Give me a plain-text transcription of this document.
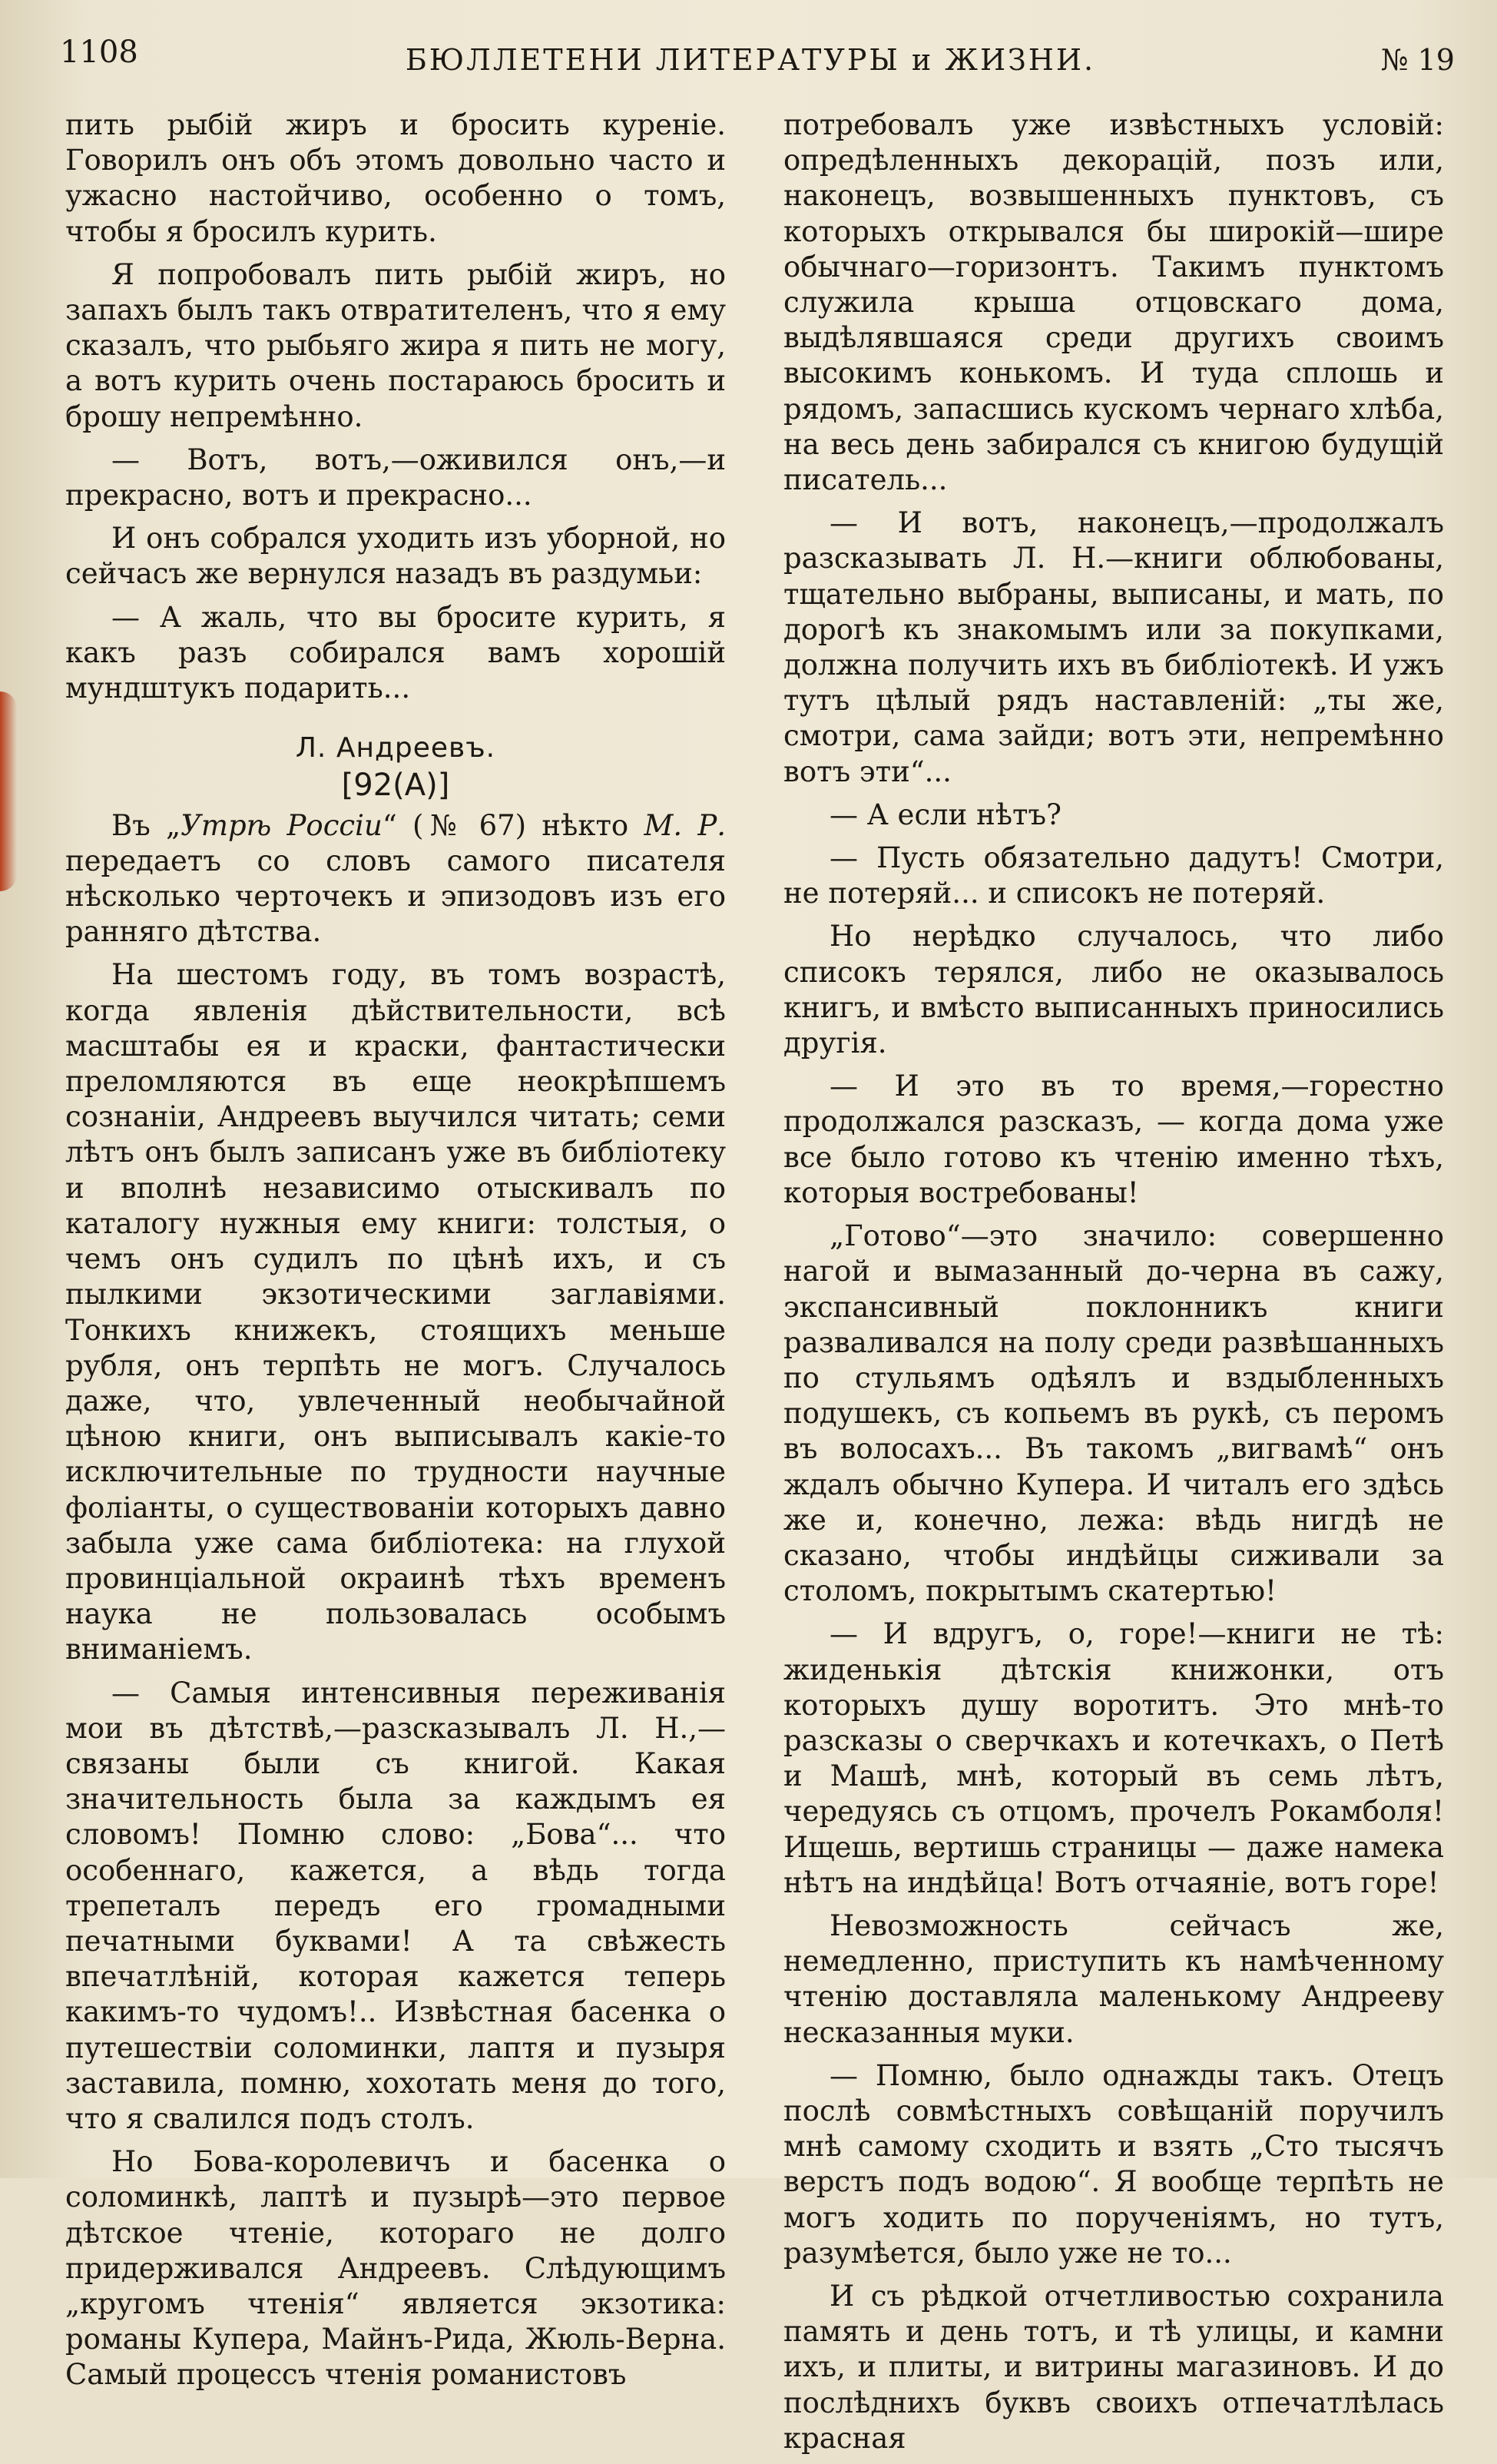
1108	БЮЛЛЕТЕНИ ЛИТЕРАТУРЫ и ЖИЗНИ.	№ 19

пить рыбій жиръ и бросить куреніе. Говорилъ онъ объ этомъ довольно часто и ужасно настойчиво, особенно о томъ, чтобы я бросилъ курить.

Я попробовалъ пить рыбій жиръ, но запахъ былъ такъ отвратителенъ, что я ему сказалъ, что рыбьяго жира я пить не могу, а вотъ курить очень постараюсь бросить и брошу непремѣнно.

— Вотъ, вотъ,—оживился онъ,—и прекрасно, вотъ и прекрасно...

И онъ собрался уходить изъ уборной, но сейчасъ же вернулся назадъ въ раздумьи:

— А жаль, что вы бросите курить, я какъ разъ собирался вамъ хорошій мундштукъ подарить...

Л. Андреевъ.
[92(А)]

Въ „Утрѣ Россіи“ (№ 67) нѣкто М. Р. передаетъ со словъ самого писателя нѣсколько черточекъ и эпизодовъ изъ его ранняго дѣтства.

На шестомъ году, въ томъ возрастѣ, когда явленія дѣйствительности, всѣ масштабы ея и краски, фантастически преломляются въ еще неокрѣпшемъ сознаніи, Андреевъ выучился читать; семи лѣтъ онъ былъ записанъ уже въ библіотеку и вполнѣ независимо отыскивалъ по каталогу нужныя ему книги: толстыя, о чемъ онъ судилъ по цѣнѣ ихъ, и съ пылкими экзотическими заглавіями. Тонкихъ книжекъ, стоящихъ меньше рубля, онъ терпѣть не могъ. Случалось даже, что, увлеченный необычайной цѣною книги, онъ выписывалъ какіе-то исключительные по трудности научные фоліанты, о существованіи которыхъ давно забыла уже сама библіотека: на глухой провинціальной окраинѣ тѣхъ временъ наука не пользовалась особымъ вниманіемъ.

— Самыя интенсивныя переживанія мои въ дѣтствѣ,—разсказывалъ Л. Н.,—связаны были съ книгой. Какая значительность была за каждымъ ея словомъ! Помню слово: „Бова“... что особеннаго, кажется, а вѣдь тогда трепеталъ передъ его громадными печатными буквами! А та свѣжесть впечатлѣній, которая кажется теперь какимъ-то чудомъ!.. Извѣстная басенка о путешествіи соломинки, лаптя и пузыря заставила, помню, хохотать меня до того, что я свалился подъ столъ.

Но Бова-королевичъ и басенка о соломинкѣ, лаптѣ и пузырѣ—это первое дѣтское чтеніе, котораго не долго придерживался Андреевъ. Слѣдующимъ „кругомъ чтенія“ является экзотика: романы Купера, Майнъ-Рида, Жюль-Верна. Самый процессъ чтенія романистовъ

потребовалъ уже извѣстныхъ условій: опредѣленныхъ декорацій, позъ или, наконецъ, возвышенныхъ пунктовъ, съ которыхъ открывался бы широкій—шире обычнаго—горизонтъ. Такимъ пунктомъ служила крыша отцовскаго дома, выдѣлявшаяся среди другихъ своимъ высокимъ конькомъ. И туда сплошь и рядомъ, запасшись кускомъ чернаго хлѣба, на весь день забирался съ книгою будущій писатель...

— И вотъ, наконецъ,—продолжалъ разсказывать Л. Н.—книги облюбованы, тщательно выбраны, выписаны, и мать, по дорогѣ къ знакомымъ или за покупками, должна получить ихъ въ библіотекѣ. И ужъ тутъ цѣлый рядъ наставленій: „ты же, смотри, сама зайди; вотъ эти, непремѣнно вотъ эти“...

— А если нѣтъ?

— Пусть обязательно дадутъ! Смотри, не потеряй... и списокъ не потеряй.

Но нерѣдко случалось, что либо списокъ терялся, либо не оказывалось книгъ, и вмѣсто выписанныхъ приносились другія.

— И это въ то время,—горестно продолжался разсказъ, — когда дома уже все было готово къ чтенію именно тѣхъ, которыя востребованы!

„Готово“—это значило: совершенно нагой и вымазанный до-черна въ сажу, экспансивный поклонникъ книги разваливался на полу среди развѣшанныхъ по стульямъ одѣялъ и вздыбленныхъ подушекъ, съ копьемъ въ рукѣ, съ перомъ въ волосахъ... Въ такомъ „вигвамѣ“ онъ ждалъ обычно Купера. И читалъ его здѣсь же и, конечно, лежа: вѣдь нигдѣ не сказано, чтобы индѣйцы сиживали за столомъ, покрытымъ скатертью!

— И вдругъ, о, горе!—книги не тѣ: жиденькія дѣтскія книжонки, отъ которыхъ душу воротитъ. Это мнѣ-то разсказы о сверчкахъ и котечкахъ, о Петѣ и Машѣ, мнѣ, который въ семь лѣтъ, чередуясь съ отцомъ, прочелъ Рокамболя! Ищешь, вертишь страницы — даже намека нѣтъ на индѣйца! Вотъ отчаяніе, вотъ горе!

Невозможность сейчасъ же, немедленно, приступить къ намѣченному чтенію доставляла маленькому Андрееву несказанныя муки.

— Помню, было однажды такъ. Отецъ послѣ совмѣстныхъ совѣщаній поручилъ мнѣ самому сходить и взять „Сто тысячъ верстъ подъ водою“. Я вообще терпѣть не могъ ходить по порученіямъ, но тутъ, разумѣется, было уже не то...

И съ рѣдкой отчетливостью сохранила память и день тотъ, и тѣ улицы, и камни ихъ, и плиты, и витрины магазиновъ. И до послѣднихъ буквъ своихъ отпечатлѣлась красная
